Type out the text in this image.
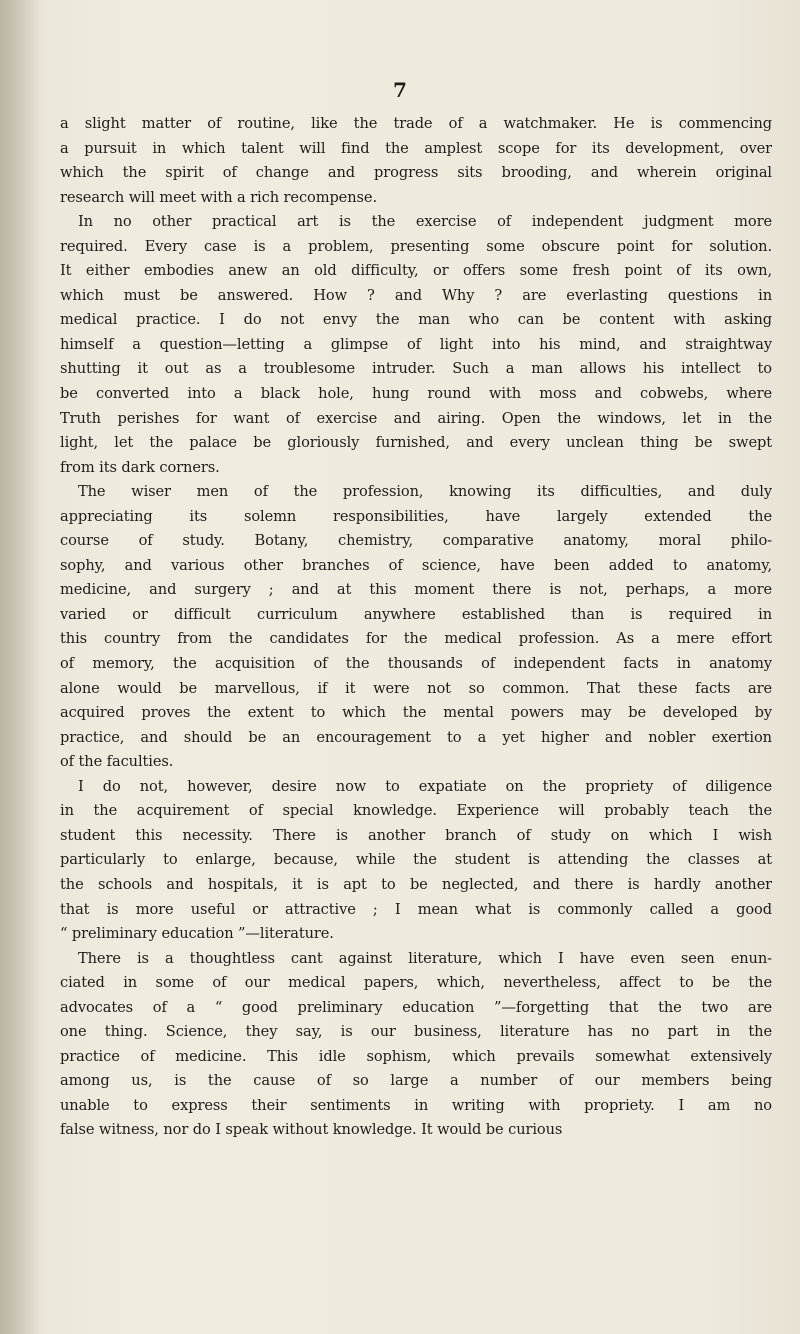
7
a slight matter of routine, like the trade of a watchmaker. He is commencing
a pursuit in which talent will find the amplest scope for its development, over
which the spirit of change and progress sits brooding, and wherein original
research will meet with a rich recompense.
In no other practical art is the exercise of independent judgment more
required. Every case is a problem, presenting some obscure point for solution.
It either embodies anew an old difficulty, or offers some fresh point of its own,
which must be answered. How ? and Why ? are everlasting questions in
medical practice. I do not envy the man who can be content with asking
himself a question—letting a glimpse of light into his mind, and straightway
shutting it out as a troublesome intruder. Such a man allows his intellect to
be converted into a black hole, hung round with moss and cobwebs, where
Truth perishes for want of exercise and airing. Open the windows, let in the
light, let the palace be gloriously furnished, and every unclean thing be swept
from its dark corners.
The wiser men of the profession, knowing its difficulties, and duly
appreciating its solemn responsibilities, have largely extended the
course of study. Botany, chemistry, comparative anatomy, moral philo-
sophy, and various other branches of science, have been added to anatomy,
medicine, and surgery ; and at this moment there is not, perhaps, a more
varied or difficult curriculum anywhere established than is required in
this country from the candidates for the medical profession. As a mere effort
of memory, the acquisition of the thousands of independent facts in anatomy
alone would be marvellous, if it were not so common. That these facts are
acquired proves the extent to which the mental powers may be developed by
practice, and should be an encouragement to a yet higher and nobler exertion
of the faculties.
I do not, however, desire now to expatiate on the propriety of diligence
in the acquirement of special knowledge. Experience will probably teach the
student this necessity. There is another branch of study on which I wish
particularly to enlarge, because, while the student is attending the classes at
the schools and hospitals, it is apt to be neglected, and there is hardly another
that is more useful or attractive ; I mean what is commonly called a good
“ preliminary education ”—literature.
There is a thoughtless cant against literature, which I have even seen enun-
ciated in some of our medical papers, which, nevertheless, affect to be the
advocates of a “ good preliminary education ”—forgetting that the two are
one thing. Science, they say, is our business, literature has no part in the
practice of medicine. This idle sophism, which prevails somewhat extensively
among us, is the cause of so large a number of our members being
unable to express their sentiments in writing with propriety. I am no
false witness, nor do I speak without knowledge. It would be curious
